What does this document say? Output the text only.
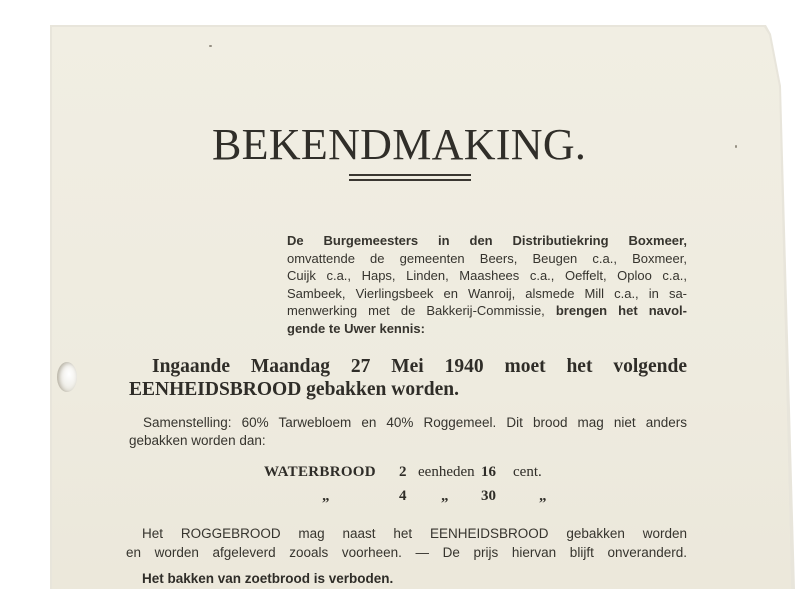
BEKENDMAKING.
De Burgemeesters in den Distributiekring Boxmeer,
omvattende de gemeenten Beers, Beugen c.a., Boxmeer,
Cuijk c.a., Haps, Linden, Maashees c.a., Oeffelt, Oploo c.a.,
Sambeek, Vierlingsbeek en Wanroij, alsmede Mill c.a., in sa-
menwerking met de Bakkerij-Commissie, brengen het navol-
gende te Uwer kennis:
Ingaande Maandag 27 Mei 1940 moet het volgende
EENHEIDSBROOD gebakken worden.
Samenstelling: 60% Tarwebloem en 40% Roggemeel. Dit brood mag niet anders
gebakken worden dan:
WATERBROOD 2 eenheden 16 cent.
„	4 „ 30	„
Het ROGGEBROOD mag naast het EENHEIDSBROOD gebakken worden
en worden afgeleverd zooals voorheen. — De prijs hiervan blijft onveranderd.
Het bakken van zoetbrood is verboden.
